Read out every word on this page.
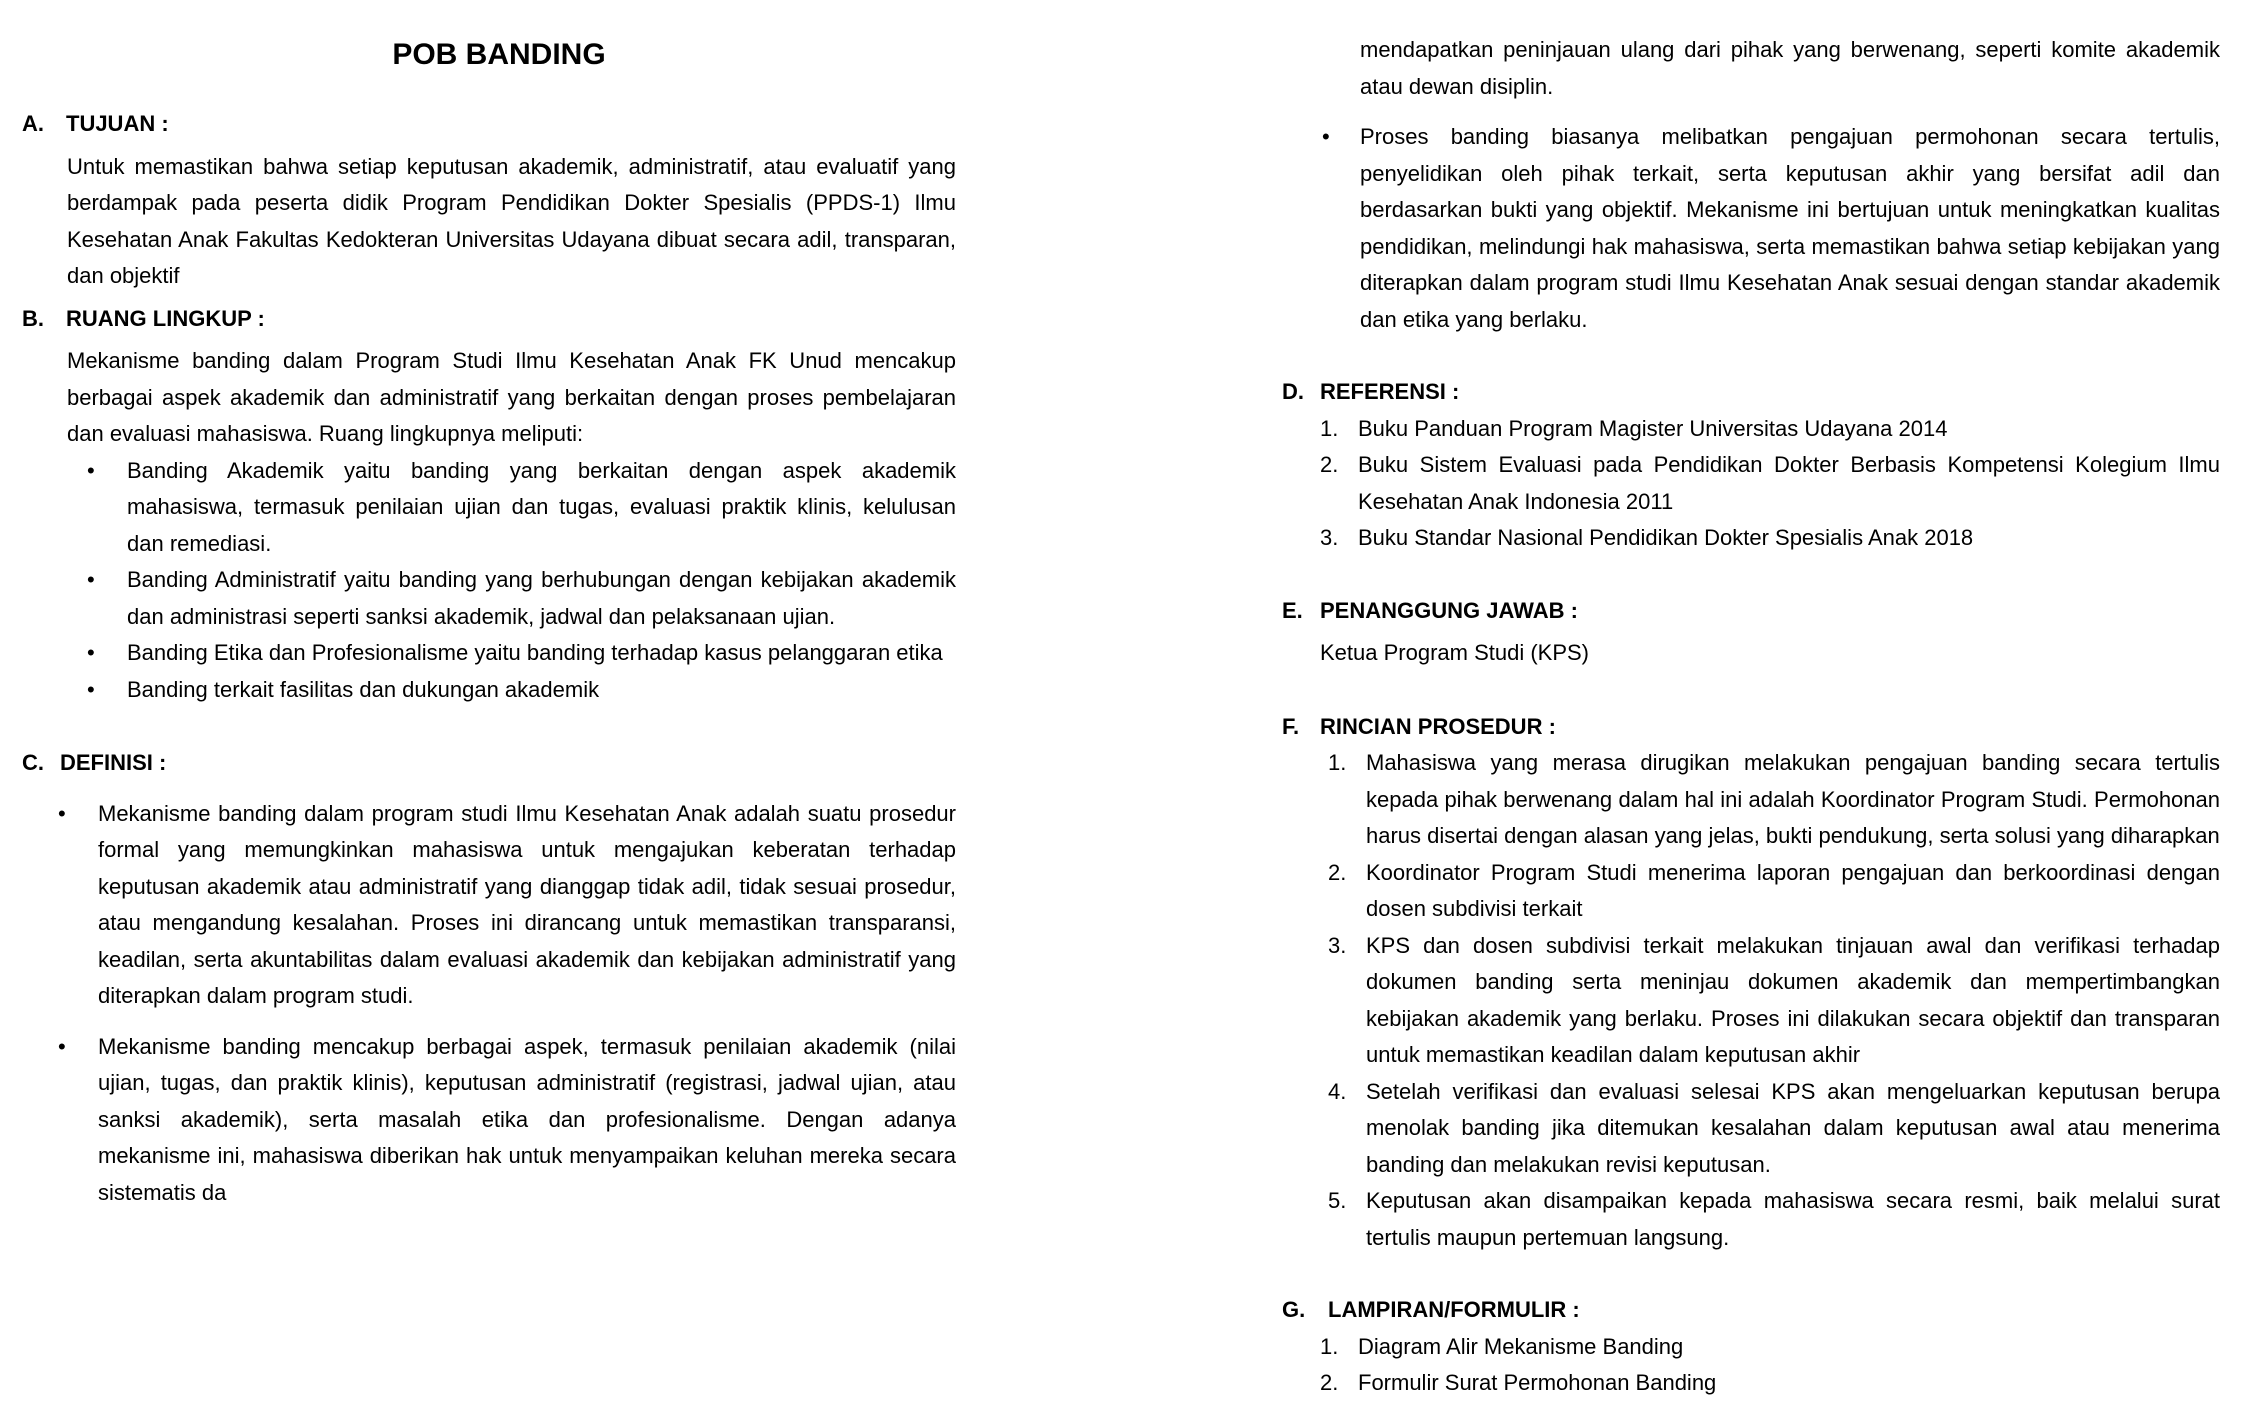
POB BANDING
A.	TUJUAN :
Untuk memastikan bahwa setiap keputusan akademik, administratif, atau evaluatif yang berdampak pada peserta didik Program Pendidikan Dokter Spesialis (PPDS-1) Ilmu Kesehatan Anak Fakultas Kedokteran Universitas Udayana dibuat secara adil, transparan, dan objektif
B.	RUANG LINGKUP :
Mekanisme banding dalam Program Studi Ilmu Kesehatan Anak FK Unud mencakup berbagai aspek akademik dan administratif yang berkaitan dengan proses pembelajaran dan evaluasi mahasiswa. Ruang lingkupnya meliputi:
• Banding Akademik yaitu banding yang berkaitan dengan aspek akademik mahasiswa, termasuk penilaian ujian dan tugas, evaluasi praktik klinis, kelulusan dan remediasi.
• Banding Administratif yaitu banding yang berhubungan dengan kebijakan akademik dan administrasi seperti sanksi akademik, jadwal dan pelaksanaan ujian.
• Banding Etika dan Profesionalisme yaitu banding terhadap kasus pelanggaran etika
• Banding terkait fasilitas dan dukungan akademik
C. DEFINISI :
• Mekanisme banding dalam program studi Ilmu Kesehatan Anak adalah suatu prosedur formal yang memungkinkan mahasiswa untuk mengajukan keberatan terhadap keputusan akademik atau administratif yang dianggap tidak adil, tidak sesuai prosedur, atau mengandung kesalahan. Proses ini dirancang untuk memastikan transparansi, keadilan, serta akuntabilitas dalam evaluasi akademik dan kebijakan administratif yang diterapkan dalam program studi.
• Mekanisme banding mencakup berbagai aspek, termasuk penilaian akademik (nilai ujian, tugas, dan praktik klinis), keputusan administratif (registrasi, jadwal ujian, atau sanksi akademik), serta masalah etika dan profesionalisme. Dengan adanya mekanisme ini, mahasiswa diberikan hak untuk menyampaikan keluhan mereka secara sistematis da
mendapatkan peninjauan ulang dari pihak yang berwenang, seperti komite akademik atau dewan disiplin.
• Proses banding biasanya melibatkan pengajuan permohonan secara tertulis, penyelidikan oleh pihak terkait, serta keputusan akhir yang bersifat adil dan berdasarkan bukti yang objektif. Mekanisme ini bertujuan untuk meningkatkan kualitas pendidikan, melindungi hak mahasiswa, serta memastikan bahwa setiap kebijakan yang diterapkan dalam program studi Ilmu Kesehatan Anak sesuai dengan standar akademik dan etika yang berlaku.
D. REFERENSI :
1. Buku Panduan Program Magister Universitas Udayana 2014
2. Buku Sistem Evaluasi pada Pendidikan Dokter Berbasis Kompetensi Kolegium Ilmu Kesehatan Anak Indonesia 2011
3. Buku Standar Nasional Pendidikan Dokter Spesialis Anak 2018
E. PENANGGUNG JAWAB :
Ketua Program Studi (KPS)
F. RINCIAN PROSEDUR :
1. Mahasiswa yang merasa dirugikan melakukan pengajuan banding secara tertulis kepada pihak berwenang dalam hal ini adalah Koordinator Program Studi. Permohonan harus disertai dengan alasan yang jelas, bukti pendukung, serta solusi yang diharapkan
2. Koordinator Program Studi menerima laporan pengajuan dan berkoordinasi dengan dosen subdivisi terkait
3. KPS dan dosen subdivisi terkait melakukan tinjauan awal dan verifikasi terhadap dokumen banding serta meninjau dokumen akademik dan mempertimbangkan kebijakan akademik yang berlaku. Proses ini dilakukan secara objektif dan transparan untuk memastikan keadilan dalam keputusan akhir
4. Setelah verifikasi dan evaluasi selesai KPS akan mengeluarkan keputusan berupa menolak banding jika ditemukan kesalahan dalam keputusan awal atau menerima banding dan melakukan revisi keputusan.
5. Keputusan akan disampaikan kepada mahasiswa secara resmi, baik melalui surat tertulis maupun pertemuan langsung.
G.	LAMPIRAN/FORMULIR :
1. Diagram Alir Mekanisme Banding
2. Formulir Surat Permohonan Banding
